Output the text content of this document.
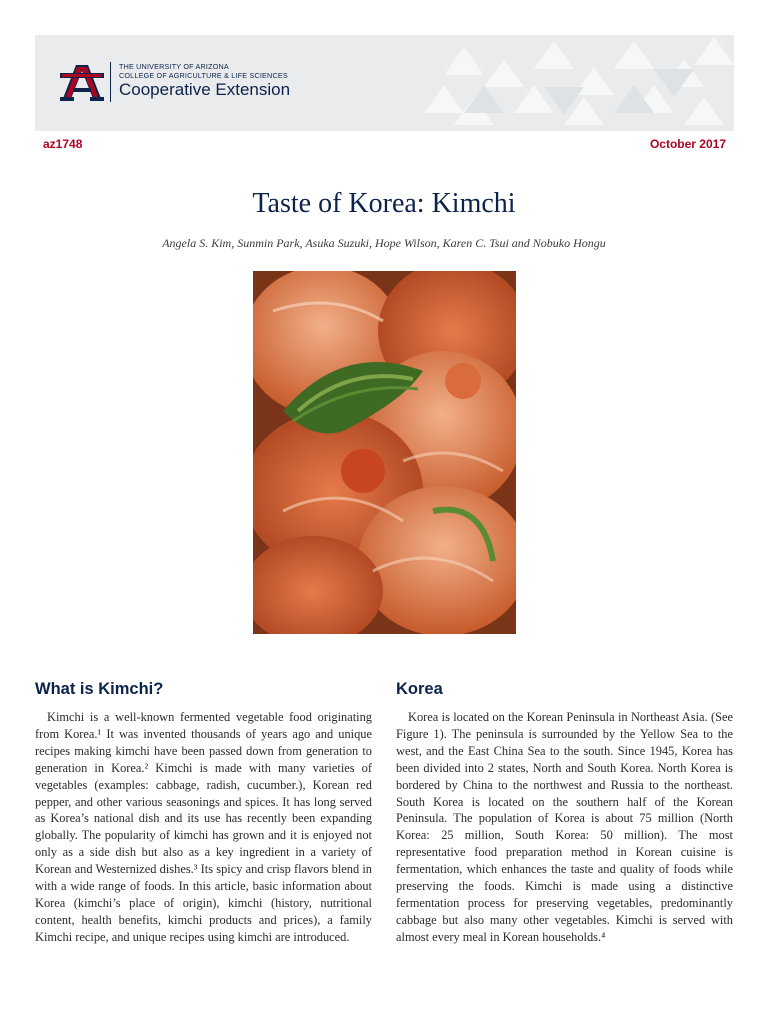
THE UNIVERSITY OF ARIZONA
COLLEGE OF AGRICULTURE & LIFE SCIENCES
Cooperative Extension
az1748	October 2017
Taste of Korea: Kimchi
Angela S. Kim, Sunmin Park, Asuka Suzuki, Hope Wilson, Karen C. Tsui and Nobuko Hongu
What is Kimchi?

Kimchi is a well-known fermented vegetable food originating from Korea.¹ It was invented thousands of years ago and unique recipes making kimchi have been passed down from generation to generation in Korea.² Kimchi is made with many varieties of vegetables (examples: cabbage, radish, cucumber.), Korean red pepper, and other various seasonings and spices. It has long served as Korea’s national dish and its use has recently been expanding globally. The popularity of kimchi has grown and it is enjoyed not only as a side dish but also as a key ingredient in a variety of Korean and Westernized dishes.³ Its spicy and crisp flavors blend in with a wide range of foods. In this article, basic information about Korea (kimchi’s place of origin), kimchi (history, nutritional content, health benefits, kimchi products and prices), a family Kimchi recipe, and unique recipes using kimchi are introduced.

Korea

Korea is located on the Korean Peninsula in Northeast Asia. (See Figure 1). The peninsula is surrounded by the Yellow Sea to the west, and the East China Sea to the south. Since 1945, Korea has been divided into 2 states, North and South Korea. North Korea is bordered by China to the northwest and Russia to the northeast. South Korea is located on the southern half of the Korean Peninsula. The population of Korea is about 75 million (North Korea: 25 million, South Korea: 50 million). The most representative food preparation method in Korean cuisine is fermentation, which enhances the taste and quality of foods while preserving the foods. Kimchi is made using a distinctive fermentation process for preserving vegetables, predominantly cabbage but also many other vegetables. Kimchi is served with almost every meal in Korean households.⁴
